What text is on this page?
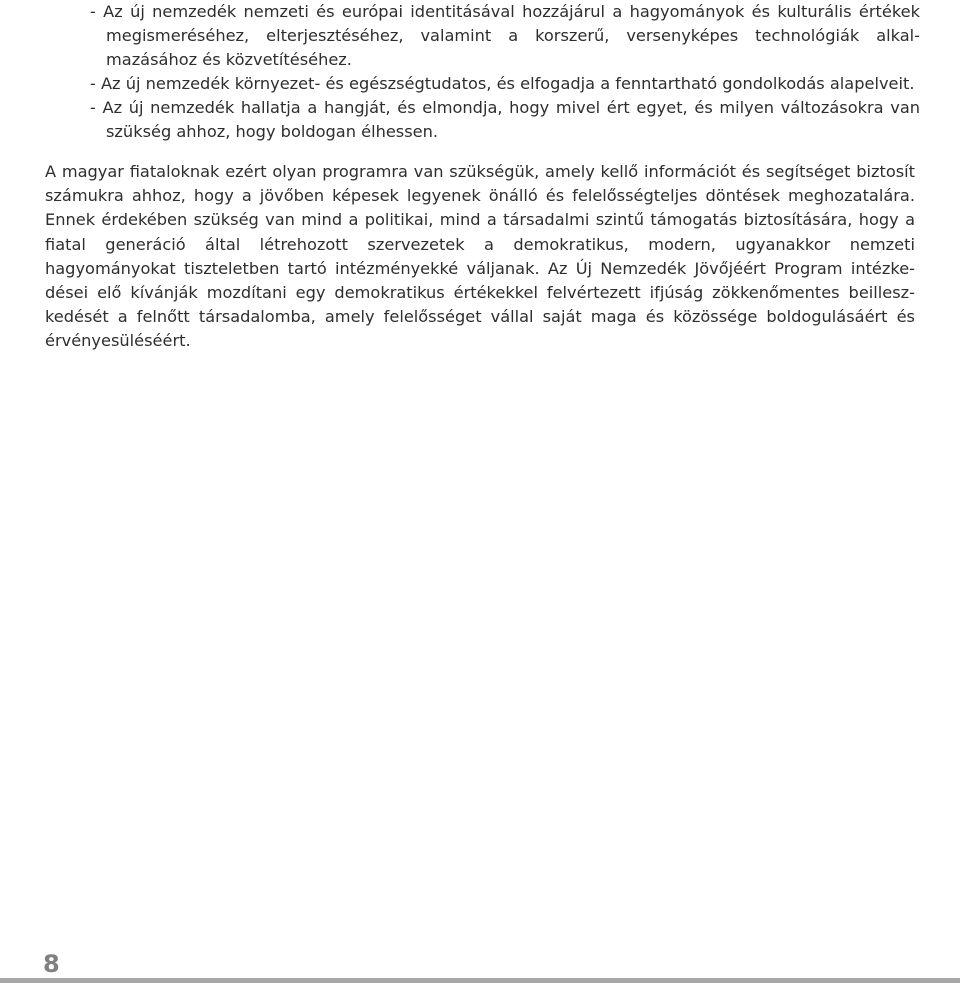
- Az új nemzedék nemzeti és európai identitásával hozzájárul a hagyományok és kulturális értékek megismeréséhez, elterjesztéséhez, valamint a korszerű, versenyképes technológiák alkalmazásához és közvetítéséhez.
- Az új nemzedék környezet- és egészségtudatos, és elfogadja a fenntartható gondolkodás alapelveit.
- Az új nemzedék hallatja a hangját, és elmondja, hogy mivel ért egyet, és milyen változásokra van szükség ahhoz, hogy boldogan élhessen.

A magyar fiataloknak ezért olyan programra van szükségük, amely kellő információt és segítséget biztosít számukra ahhoz, hogy a jövőben képesek legyenek önálló és felelősségteljes döntések meghozatalára. Ennek érdekében szükség van mind a politikai, mind a társadalmi szintű támogatás biztosítására, hogy a fiatal generáció által létrehozott szervezetek a demokratikus, modern, ugyanakkor nemzeti hagyományokat tiszteletben tartó intézményekké váljanak. Az Új Nemzedék Jövőjéért Program intézkedései elő kívánják mozdítani egy demokratikus értékekkel felvértezett ifjúság zökkenőmentes beilleszkedését a felnőtt társadalomba, amely felelősséget vállal saját maga és közössége boldogulásáért és érvényesüléséért.

8
